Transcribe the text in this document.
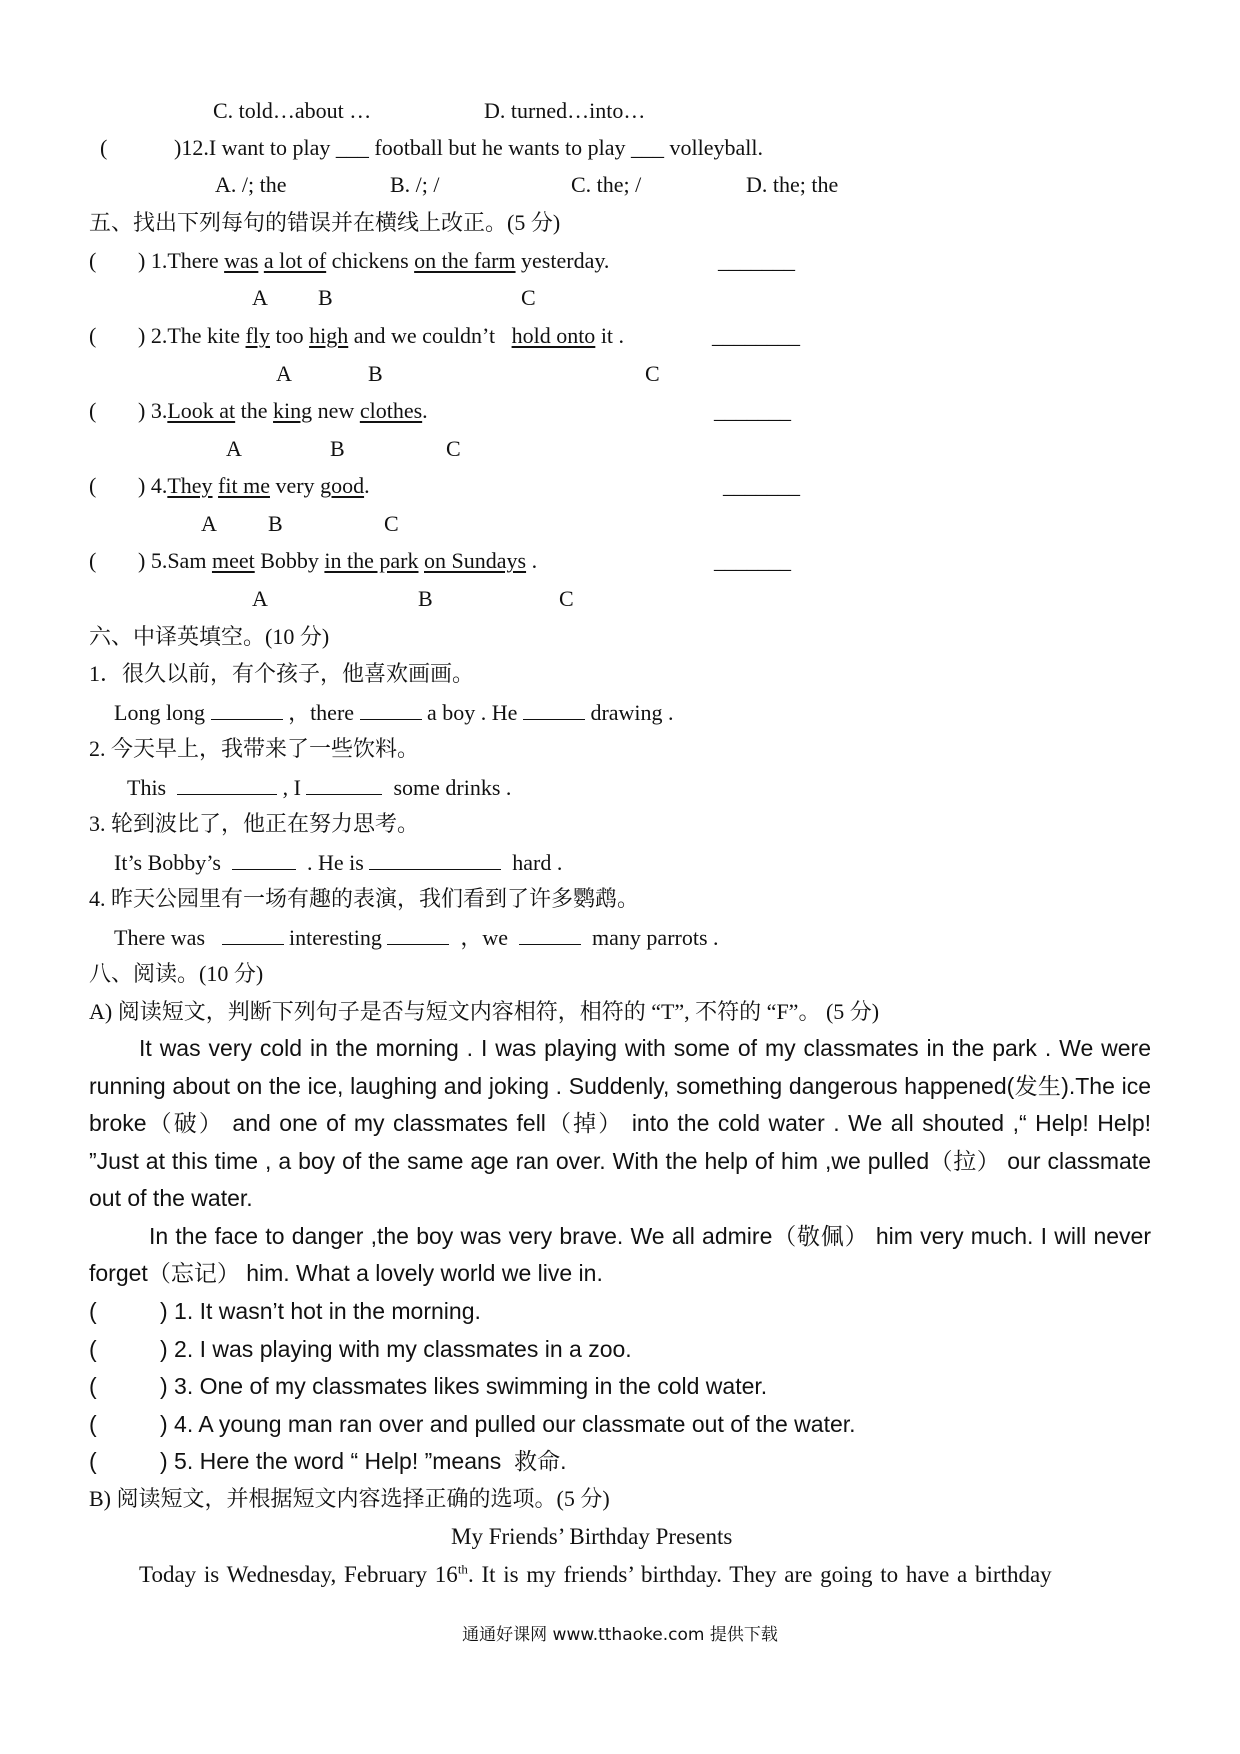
C. told…about …	D. turned…into…
(	)12.I want to play ___ football but he wants to play ___ volleyball.
A. /; the	B. /; /	C. the; /	D. the; the
五、找出下列每句的错误并在横线上改正。(5 分)
( ) 1.There was a lot of chickens on the farm yesterday.	_______
A B	C
( ) 2.The kite fly too high and we couldn’t   hold onto it .	________
A	B	C
( ) 3.Look at the king new clothes.	_______
A	B	C
( ) 4.They fit me very good.	_______
A B	C
( ) 5.Sam meet Bobby in the park on Sundays .	_______
A	B	C
六、中译英填空。(10 分)
1．很久以前，有个孩子，他喜欢画画。
Long long	，there	a boy . He	drawing .
2. 今天早上，我带来了一些饮料。
This	, I	some drinks .
3. 轮到波比了，他正在努力思考。
It’s Bobby’s	. He is	hard .
4. 昨天公园里有一场有趣的表演，我们看到了许多鹦鹉。
There was	interesting	，we	many parrots .
八、阅读。(10 分)
A) 阅读短文，判断下列句子是否与短文内容相符，相符的 “T”, 不符的 “F”。 (5 分)

It was very cold in the morning . I was playing with some of my classmates in the park . We were running about on the ice, laughing and joking . Suddenly, something dangerous happened(发生).The ice broke（破） and one of my classmates fell（掉） into the cold water . We all shouted ,“ Help! Help! ”Just at this time , a boy of the same age ran over. With the help of him ,we pulled（拉） our classmate out of the water.

In the face to danger ,the boy was very brave. We all admire（敬佩） him very much. I will never forget（忘记） him. What a lovely world we live in.

(	) 1. It wasn’t hot in the morning.
(	) 2. I was playing with my classmates in a zoo.
(	) 3. One of my classmates likes swimming in the cold water.
(	) 4. A young man ran over and pulled our classmate out of the water.
(	) 5. Here the word “ Help! ”means  救命.
B) 阅读短文，并根据短文内容选择正确的选项。(5 分)
My Friends’ Birthday Presents
Today is Wednesday, February 16th. It is my friends’ birthday. They are going to have a birthday
通通好课网 www.tthaoke.com 提供下载
